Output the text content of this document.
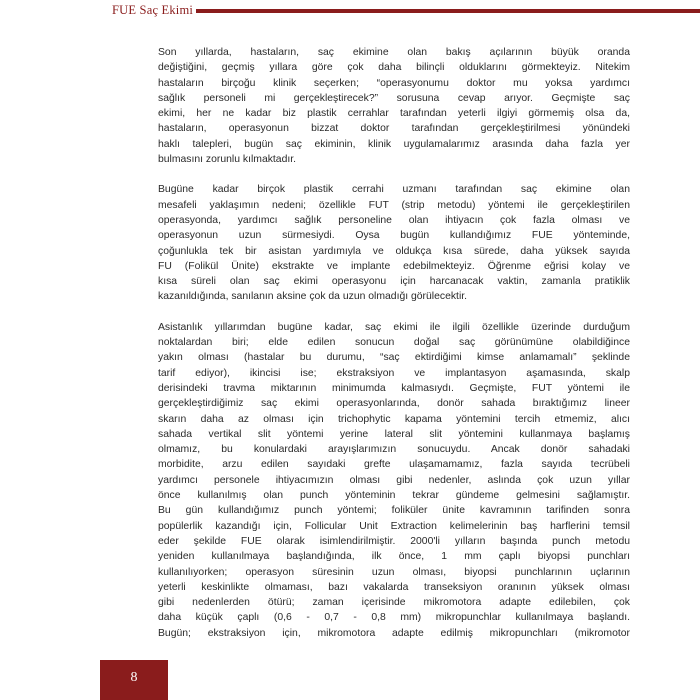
FUE Saç Ekimi

Son yıllarda, hastaların, saç ekimine olan bakış açılarının büyük oranda

değiştiğini, geçmiş yıllara göre çok daha bilinçli olduklarını görmekteyiz. Nitekim

hastaların birçoğu klinik seçerken; “operasyonumu doktor mu yoksa yardımcı

sağlık personeli mi gerçekleştirecek?” sorusuna cevap arıyor. Geçmişte saç

ekimi, her ne kadar biz plastik cerrahlar tarafından yeterli ilgiyi görmemiş olsa da,

hastaların, operasyonun bizzat doktor tarafından gerçekleştirilmesi yönündeki

haklı talepleri, bugün saç ekiminin, klinik uygulamalarımız arasında daha fazla yer

bulmasını zorunlu kılmaktadır.

Bugüne kadar birçok plastik cerrahi uzmanı tarafından saç ekimine olan

mesafeli yaklaşımın nedeni; özellikle FUT (strip metodu) yöntemi ile gerçekleştirilen

operasyonda, yardımcı sağlık personeline olan ihtiyacın çok fazla olması ve

operasyonun uzun sürmesiydi. Oysa bugün kullandığımız FUE yönteminde,

çoğunlukla tek bir asistan yardımıyla ve oldukça kısa sürede, daha yüksek sayıda

FU (Folikül Ünite) ekstrakte ve implante edebilmekteyiz. Öğrenme eğrisi kolay ve

kısa süreli olan saç ekimi operasyonu için harcanacak vaktin, zamanla pratiklik

kazanıldığında, sanılanın aksine çok da uzun olmadığı görülecektir.

Asistanlık yıllarımdan bugüne kadar, saç ekimi ile ilgili özellikle üzerinde durduğum

noktalardan biri; elde edilen sonucun doğal saç görünümüne olabildiğince

yakın olması (hastalar bu durumu, “saç ektirdiğimi kimse anlamamalı” şeklinde

tarif ediyor), ikincisi ise; ekstraksiyon ve implantasyon aşamasında, skalp

derisindeki travma miktarının minimumda kalmasıydı. Geçmişte, FUT yöntemi ile

gerçekleştirdiğimiz saç ekimi operasyonlarında, donör sahada bıraktığımız lineer

skarın daha az olması için trichophytic kapama yöntemini tercih etmemiz, alıcı

sahada vertikal slit yöntemi yerine lateral slit yöntemini kullanmaya başlamış

olmamız, bu konulardaki arayışlarımızın sonucuydu. Ancak donör sahadaki

morbidite, arzu edilen sayıdaki grefte ulaşamamamız, fazla sayıda tecrübeli

yardımcı personele ihtiyacımızın olması gibi nedenler, aslında çok uzun yıllar

önce kullanılmış olan punch yönteminin tekrar gündeme gelmesini sağlamıştır.

Bu gün kullandığımız punch yöntemi; foliküler ünite kavramının tarifinden sonra

popülerlik kazandığı için, Follicular Unit Extraction kelimelerinin baş harflerini temsil

eder şekilde FUE olarak isimlendirilmiştir. 2000'li yılların başında punch metodu

yeniden kullanılmaya başlandığında, ilk önce, 1 mm çaplı biyopsi punchları

kullanılıyorken; operasyon süresinin uzun olması, biyopsi punchlarının uçlarının

yeterli keskinlikte olmaması, bazı vakalarda transeksiyon oranının yüksek olması

gibi nedenlerden ötürü; zaman içerisinde mikromotora adapte edilebilen, çok

daha küçük çaplı (0,6 - 0,7 - 0,8 mm) mikropunchlar kullanılmaya başlandı.

Bugün; ekstraksiyon için, mikromotora adapte edilmiş mikropunchları (mikromotor

8
